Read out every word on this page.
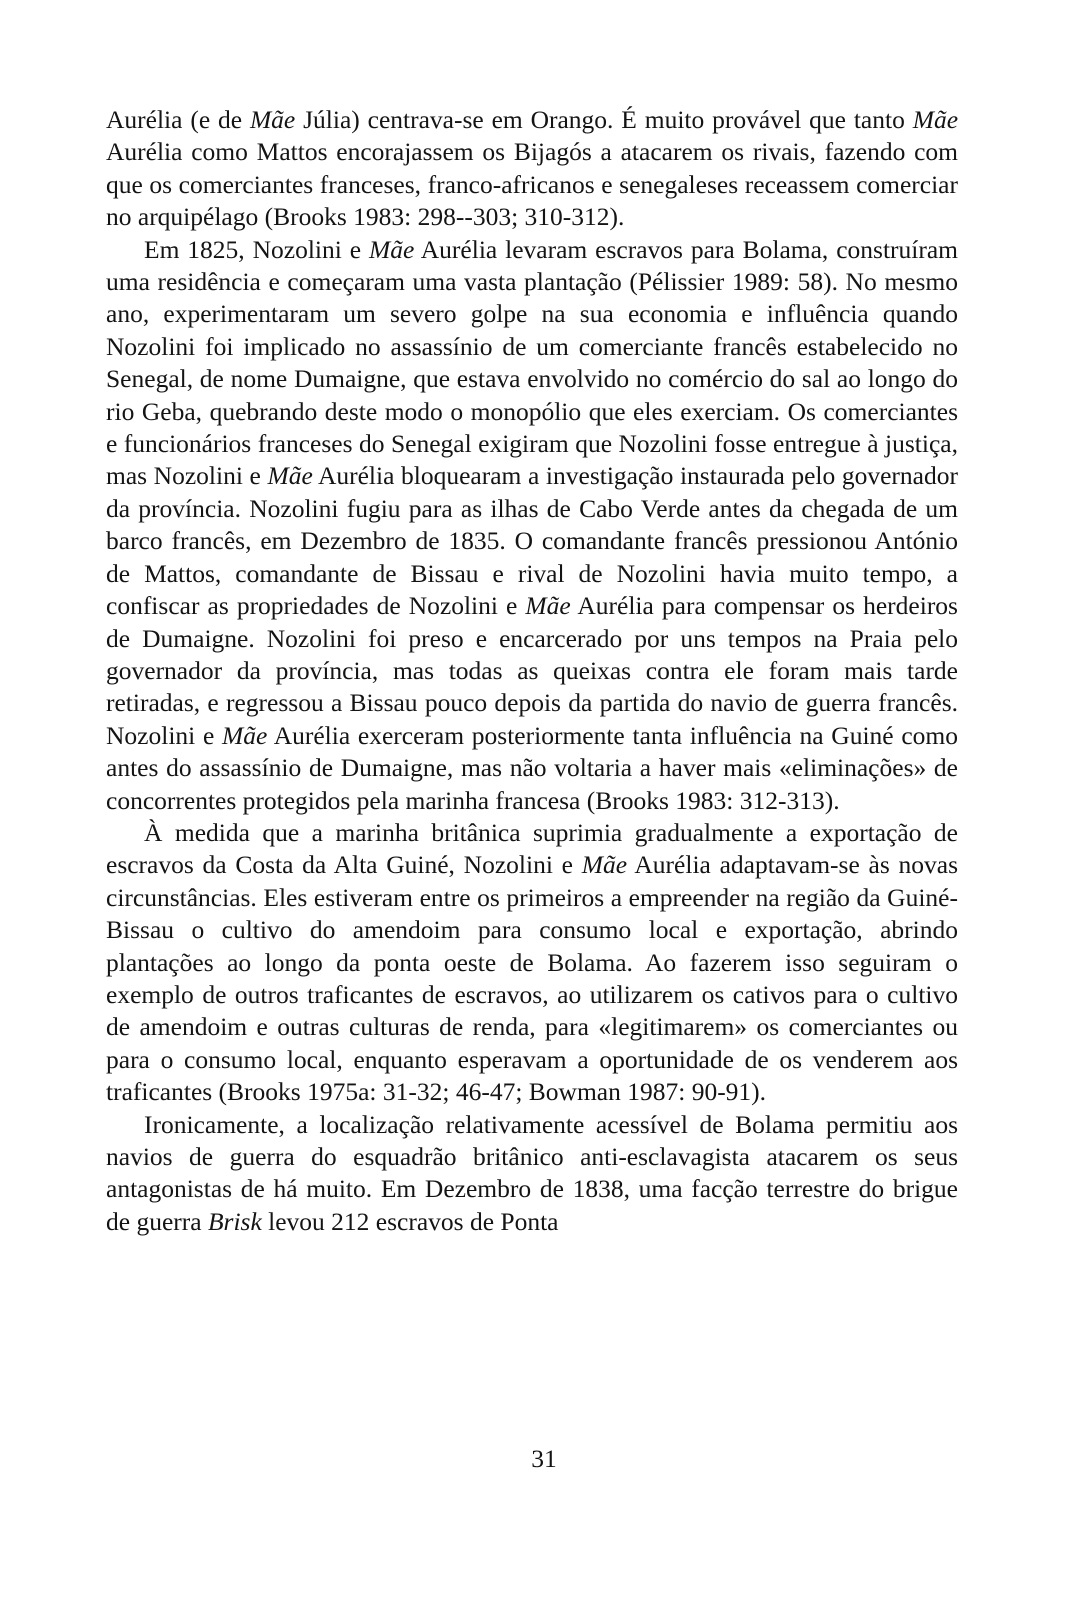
Aurélia (e de Mãe Júlia) centrava-se em Orango. É muito provável que tanto Mãe Aurélia como Mattos encorajassem os Bijagós a atacarem os rivais, fazendo com que os comerciantes franceses, franco-africanos e senegaleses receassem comerciar no arquipélago (Brooks 1983: 298--303; 310-312).

Em 1825, Nozolini e Mãe Aurélia levaram escravos para Bolama, construíram uma residência e começaram uma vasta plantação (Pélissier 1989: 58). No mesmo ano, experimentaram um severo golpe na sua economia e influência quando Nozolini foi implicado no assassínio de um comerciante francês estabelecido no Senegal, de nome Dumaigne, que estava envolvido no comércio do sal ao longo do rio Geba, quebrando deste modo o monopólio que eles exerciam. Os comerciantes e funcionários franceses do Senegal exigiram que Nozolini fosse entregue à justiça, mas Nozolini e Mãe Aurélia bloquearam a investigação instaurada pelo governador da província. Nozolini fugiu para as ilhas de Cabo Verde antes da chegada de um barco francês, em Dezembro de 1835. O comandante francês pressionou António de Mattos, comandante de Bissau e rival de Nozolini havia muito tempo, a confiscar as propriedades de Nozolini e Mãe Aurélia para compensar os herdeiros de Dumaigne. Nozolini foi preso e encarcerado por uns tempos na Praia pelo governador da província, mas todas as queixas contra ele foram mais tarde retiradas, e regressou a Bissau pouco depois da partida do navio de guerra francês. Nozolini e Mãe Aurélia exerceram posteriormente tanta influência na Guiné como antes do assassínio de Dumaigne, mas não voltaria a haver mais «eliminações» de concorrentes protegidos pela marinha francesa (Brooks 1983: 312-313).

À medida que a marinha britânica suprimia gradualmente a exportação de escravos da Costa da Alta Guiné, Nozolini e Mãe Aurélia adaptavam-se às novas circunstâncias. Eles estiveram entre os primeiros a empreender na região da Guiné-Bissau o cultivo do amendoim para consumo local e exportação, abrindo plantações ao longo da ponta oeste de Bolama. Ao fazerem isso seguiram o exemplo de outros traficantes de escravos, ao utilizarem os cativos para o cultivo de amendoim e outras culturas de renda, para «legitimarem» os comerciantes ou para o consumo local, enquanto esperavam a oportunidade de os venderem aos traficantes (Brooks 1975a: 31-32; 46-47; Bowman 1987: 90-91).

Ironicamente, a localização relativamente acessível de Bolama permitiu aos navios de guerra do esquadrão britânico anti-esclavagista atacarem os seus antagonistas de há muito. Em Dezembro de 1838, uma facção terrestre do brigue de guerra Brisk levou 212 escravos de Ponta

31
